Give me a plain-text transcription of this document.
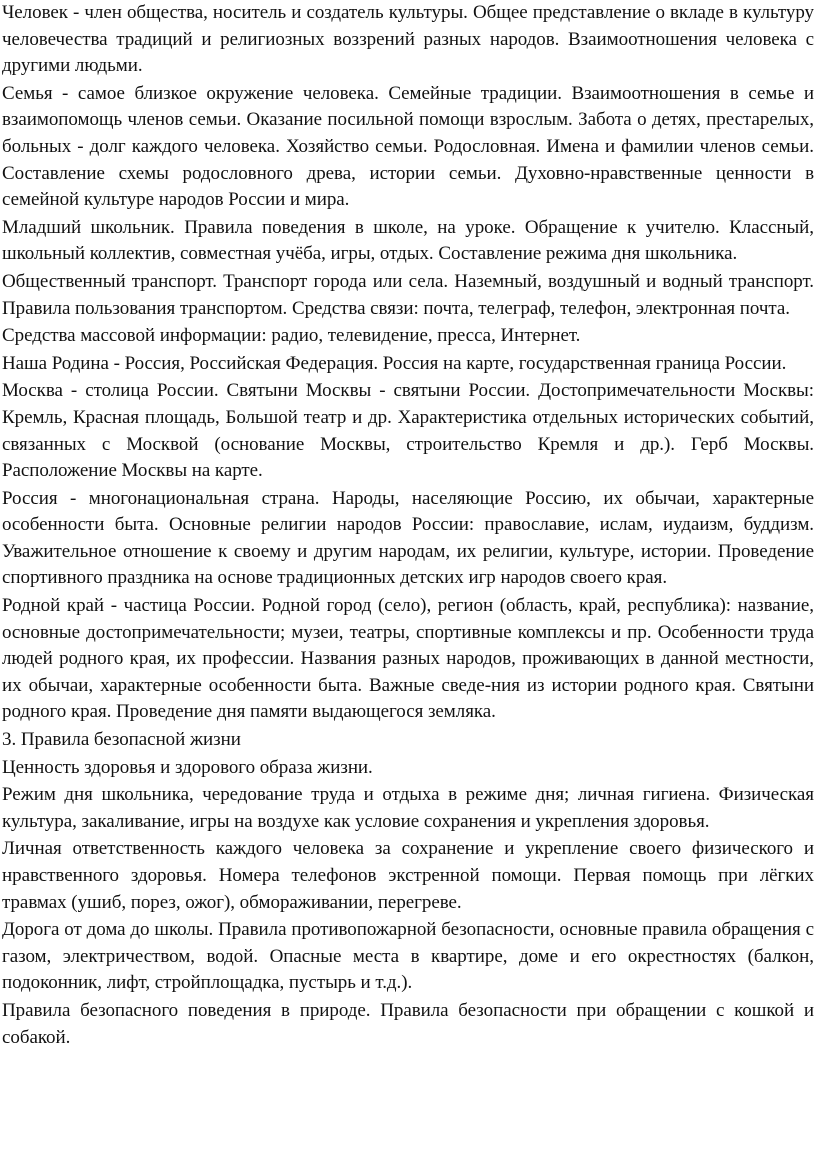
Человек - член общества, носитель и создатель культуры. Общее представление о вкладе в культуру человечества традиций и религиозных воззрений разных народов. Взаимоотношения человека с другими людьми.

Семья - самое близкое окружение человека. Семейные традиции. Взаимоотношения в семье и взаимопомощь членов семьи. Оказание посильной помощи взрослым. Забота о детях, престарелых, больных - долг каждого человека. Хозяйство семьи. Родословная. Имена и фамилии членов семьи. Составление схемы родословного древа, истории семьи. Духовно-нравственные ценности в семейной культуре народов России и мира.

Младший школьник. Правила поведения в школе, на уроке. Обращение к учителю. Классный, школьный коллектив, совместная учёба, игры, отдых. Составление режима дня школьника.

Общественный транспорт. Транспорт города или села. Наземный, воздушный и водный транспорт. Правила пользования транспортом. Средства связи: почта, телеграф, телефон, электронная почта.

Средства массовой информации: радио, телевидение, пресса, Интернет.

Наша Родина - Россия, Российская Федерация. Россия на карте, государственная граница России.

Москва - столица России. Святыни Москвы - святыни России. Достопримечательности Москвы: Кремль, Красная площадь, Большой театр и др. Характеристика отдельных исторических событий, связанных с Москвой (основание Москвы, строительство Кремля и др.). Герб Москвы. Расположение Москвы на карте.

Россия - многонациональная страна. Народы, населяющие Россию, их обычаи, характерные особенности быта. Основные религии народов России: православие, ислам, иудаизм, буддизм. Уважительное отношение к своему и другим народам, их религии, культуре, истории. Проведение спортивного праздника на основе традиционных детских игр народов своего края.

Родной край - частица России. Родной город (село), регион (область, край, республика): название, основные достопримечательности; музеи, театры, спортивные комплексы и пр. Особенности труда людей родного края, их профессии. Названия разных народов, проживающих в данной местности, их обычаи, характерные особенности быта. Важные сведе-ния из истории родного края. Святыни родного края. Проведение дня памяти выдающегося земляка.

3. Правила безопасной жизни

Ценность здоровья и здорового образа жизни.

Режим дня школьника, чередование труда и отдыха в режиме дня; личная гигиена. Физическая культура, закаливание, игры на воздухе как условие сохранения и укрепления здоровья.

Личная ответственность каждого человека за сохранение и укрепление своего физического и нравственного здоровья. Номера телефонов экстренной помощи. Первая помощь при лёгких травмах (ушиб, порез, ожог), обмораживании, перегреве.

Дорога от дома до школы. Правила противопожарной безопасности, основные правила обращения с газом, электричеством, водой. Опасные места в квартире, доме и его окрестностях (балкон, подоконник, лифт, стройплощадка, пустырь и т.д.).

Правила безопасного поведения в природе. Правила безопасности при обращении с кошкой и собакой.
